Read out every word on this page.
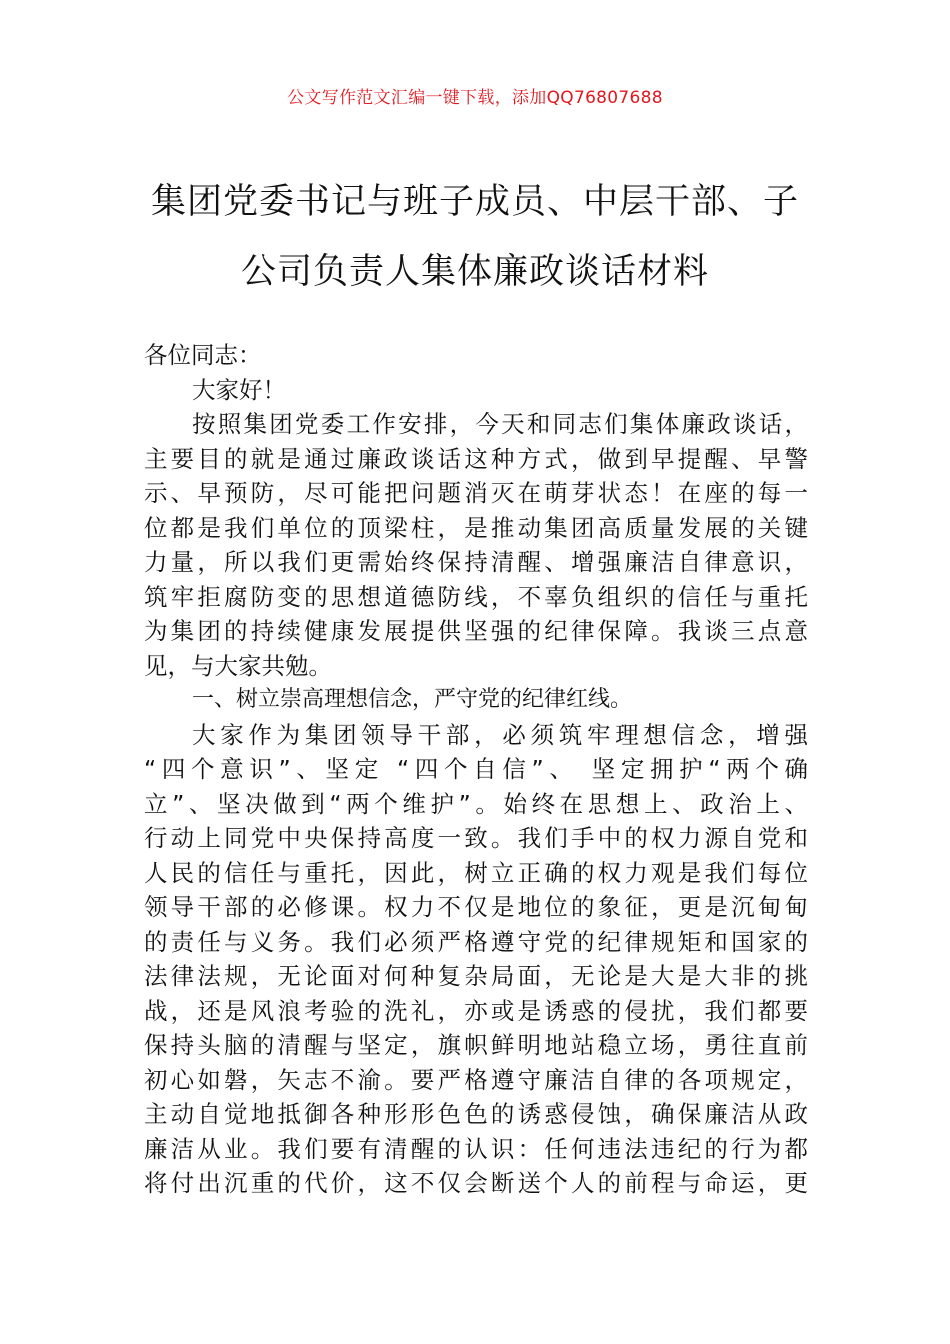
公文写作范文汇编一键下载，添加QQ76807688
集团党委书记与班子成员、中层干部、子
公司负责人集体廉政谈话材料
各位同志：
大家好！
按照集团党委工作安排，今天和同志们集体廉政谈话，
主要目的就是通过廉政谈话这种方式，做到早提醒、早警
示、早预防，尽可能把问题消灭在萌芽状态！在座的每一
位都是我们单位的顶梁柱，是推动集团高质量发展的关键
力量，所以我们更需始终保持清醒、增强廉洁自律意识，
筑牢拒腐防变的思想道德防线，不辜负组织的信任与重托
为集团的持续健康发展提供坚强的纪律保障。我谈三点意
见，与大家共勉。
一、树立崇高理想信念，严守党的纪律红线。
大家作为集团领导干部，必须筑牢理想信念，增强
“四个意识”、坚定 “四个自信”、 坚定拥护“两个确
立”、坚决做到“两个维护”。始终在思想上、政治上、
行动上同党中央保持高度一致。我们手中的权力源自党和
人民的信任与重托，因此，树立正确的权力观是我们每位
领导干部的必修课。权力不仅是地位的象征，更是沉甸甸
的责任与义务。我们必须严格遵守党的纪律规矩和国家的
法律法规，无论面对何种复杂局面，无论是大是大非的挑
战，还是风浪考验的洗礼，亦或是诱惑的侵扰，我们都要
保持头脑的清醒与坚定，旗帜鲜明地站稳立场，勇往直前
初心如磐，矢志不渝。要严格遵守廉洁自律的各项规定，
主动自觉地抵御各种形形色色的诱惑侵蚀，确保廉洁从政
廉洁从业。我们要有清醒的认识：任何违法违纪的行为都
将付出沉重的代价，这不仅会断送个人的前程与命运，更
